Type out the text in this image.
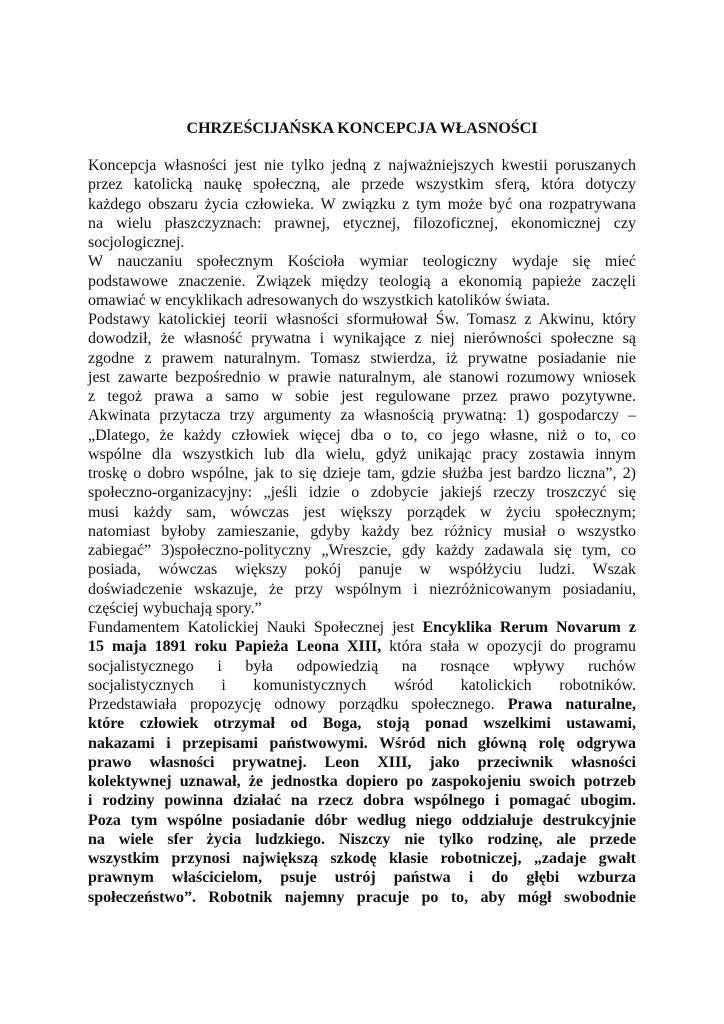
CHRZEŚCIJAŃSKA KONCEPCJA WŁASNOŚCI
Koncepcja własności jest nie tylko jedną z najważniejszych kwestii poruszanych
przez katolicką naukę społeczną, ale przede wszystkim sferą, która dotyczy
każdego obszaru życia człowieka. W związku z tym może być ona rozpatrywana
na wielu płaszczyznach: prawnej, etycznej, filozoficznej, ekonomicznej czy
socjologicznej.
W nauczaniu społecznym Kościoła wymiar teologiczny wydaje się mieć
podstawowe znaczenie. Związek między teologią a ekonomią papieże zaczęli
omawiać w encyklikach adresowanych do wszystkich katolików świata.
Podstawy katolickiej teorii własności sformułował Św. Tomasz z Akwinu, który
dowodził, że własność prywatna i wynikające z niej nierówności społeczne są
zgodne z prawem naturalnym. Tomasz stwierdza, iż prywatne posiadanie nie
jest zawarte bezpośrednio w prawie naturalnym, ale stanowi rozumowy wniosek
z tegoż prawa a samo w sobie jest regulowane przez prawo pozytywne.
Akwinata przytacza trzy argumenty za własnością prywatną: 1) gospodarczy –
„Dlatego, że każdy człowiek więcej dba o to, co jego własne, niż o to, co
wspólne dla wszystkich lub dla wielu, gdyż unikając pracy zostawia innym
troskę o dobro wspólne, jak to się dzieje tam, gdzie służba jest bardzo liczna”, 2)
społeczno-organizacyjny: „jeśli idzie o zdobycie jakiejś rzeczy troszczyć się
musi każdy sam, wówczas jest większy porządek w życiu społecznym;
natomiast byłoby zamieszanie, gdyby każdy bez różnicy musiał o wszystko
zabiegać” 3)społeczno-polityczny „Wreszcie, gdy każdy zadawala się tym, co
posiada, wówczas większy pokój panuje w współżyciu ludzi. Wszak
doświadczenie wskazuje, że przy wspólnym i niezróżnicowanym posiadaniu,
częściej wybuchają spory.”
Fundamentem Katolickiej Nauki Społecznej jest Encyklika Rerum Novarum z
15 maja 1891 roku Papieża Leona XIII, która stała w opozycji do programu
socjalistycznego i była odpowiedzią na rosnące wpływy ruchów
socjalistycznych i komunistycznych wśród katolickich robotników.
Przedstawiała propozycję odnowy porządku społecznego. Prawa naturalne,
które człowiek otrzymał od Boga, stoją ponad wszelkimi ustawami,
nakazami i przepisami państwowymi. Wśród nich główną rolę odgrywa
prawo własności prywatnej. Leon XIII, jako przeciwnik własności
kolektywnej uznawał, że jednostka dopiero po zaspokojeniu swoich potrzeb
i rodziny powinna działać na rzecz dobra wspólnego i pomagać ubogim.
Poza tym wspólne posiadanie dóbr według niego oddziałuje destrukcyjnie
na wiele sfer życia ludzkiego. Niszczy nie tylko rodzinę, ale przede
wszystkim przynosi największą szkodę klasie robotniczej, „zadaje gwałt
prawnym właścicielom, psuje ustrój państwa i do głębi wzburza
społeczeństwo”. Robotnik najemny pracuje po to, aby mógł swobodnie
